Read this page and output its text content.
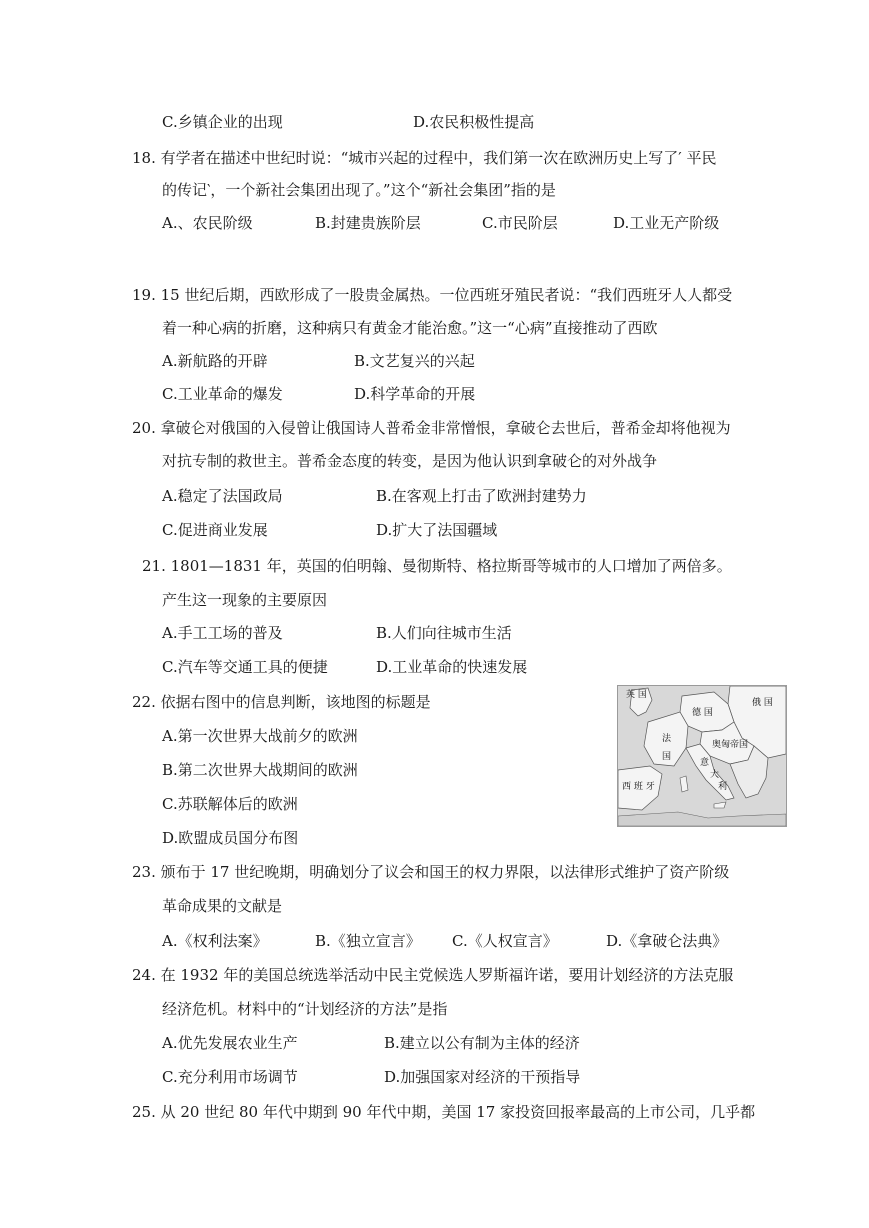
C.乡镇企业的出现	D.农民积极性提高
18. 有学者在描述中世纪时说：“城市兴起的过程中，我们第一次在欧洲历史上写了′ 平民
的传记‵，一个新社会集团出现了。”这个“新社会集团”指的是
A.、农民阶级	B.封建贵族阶层	C.市民阶层	D.工业无产阶级
19. 15 世纪后期，西欧形成了一股贵金属热。一位西班牙殖民者说：“我们西班牙人人都受
着一种心病的折磨，这种病只有黄金才能治愈。”这一“心病”直接推动了西欧
A.新航路的开辟	B.文艺复兴的兴起
C.工业革命的爆发	D.科学革命的开展
20. 拿破仑对俄国的入侵曾让俄国诗人普希金非常憎恨，拿破仑去世后，普希金却将他视为
对抗专制的救世主。普希金态度的转变，是因为他认识到拿破仑的对外战争
A.稳定了法国政局	B.在客观上打击了欧洲封建势力
C.促进商业发展	D.扩大了法国疆域
21. 1801—1831 年，英国的伯明翰、曼彻斯特、格拉斯哥等城市的人口增加了两倍多。
产生这一现象的主要原因
A.手工工场的普及	B.人们向往城市生活
C.汽车等交通工具的便捷	D.工业革命的快速发展
22. 依据右图中的信息判断，该地图的标题是
A.第一次世界大战前夕的欧洲
B.第二次世界大战期间的欧洲
C.苏联解体后的欧洲
D.欧盟成员国分布图
英 国
俄 国
德 国
法
国
奥匈帝国
意
大
利
西 班 牙
23. 颁布于 17 世纪晚期，明确划分了议会和国王的权力界限，以法律形式维护了资产阶级
革命成果的文献是
A.《权利法案》	B.《独立宣言》 C.《人权宣言》	D.《拿破仑法典》
24. 在 1932 年的美国总统选举活动中民主党候选人罗斯福许诺，要用计划经济的方法克服
经济危机。材料中的“计划经济的方法”是指
A.优先发展农业生产	B.建立以公有制为主体的经济
C.充分利用市场调节	D.加强国家对经济的干预指导
25. 从 20 世纪 80 年代中期到 90 年代中期，美国 17 家投资回报率最高的上市公司，几乎都
